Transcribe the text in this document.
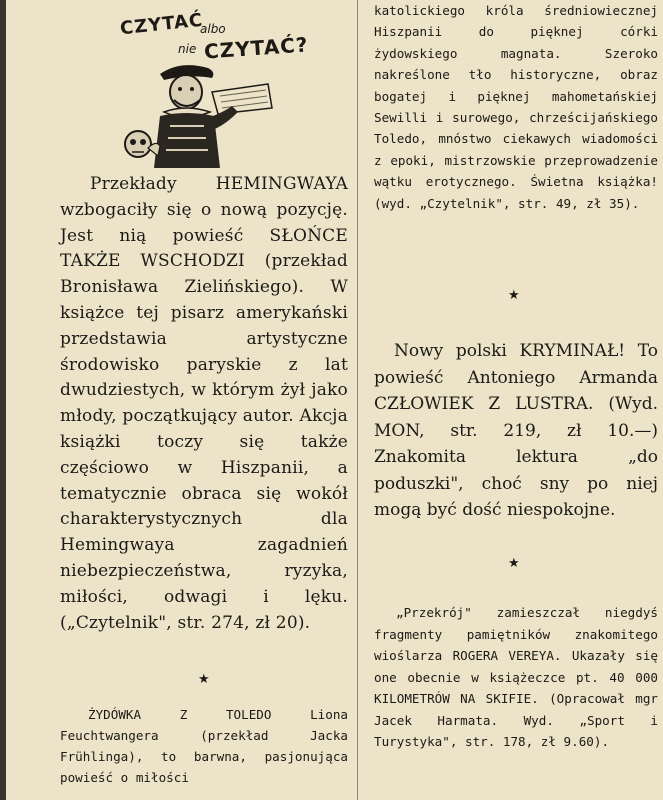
CZYTAĆ
albo
nie CZYTAĆ?
Przekłady HEMINGWAYA wzbogaciły się o nową pozycję. Jest nią powieść SŁOŃCE TAKŻE WSCHODZI (przekład Bronisława Zielińskiego). W książce tej pisarz amerykański przedstawia artystyczne środowisko paryskie z lat dwudziestych, w którym żył jako młody, początkujący autor. Akcja książki toczy się także częściowo w Hiszpanii, a tematycznie obraca się wokół charakterystycznych dla Hemingwaya zagadnień niebezpieczeństwa, ryzyka, miłości, odwagi i lęku. („Czytelnik", str. 274, zł 20).
★
ŻYDÓWKA Z TOLEDO Liona Feuchtwangera (przekład Jacka Frühlinga), to barwna, pasjonująca powieść o miłości
katolickiego króla średniowiecznej Hiszpanii do pięknej córki żydowskiego magnata. Szeroko nakreślone tło historyczne, obraz bogatej i pięknej mahometańskiej Sewilli i surowego, chrześcijańskiego Toledo, mnóstwo ciekawych wiadomości z epoki, mistrzowskie przeprowadzenie wątku erotycznego. Świetna książka! (wyd. „Czytelnik", str. 49, zł 35).
★
Nowy polski KRYMINAŁ! To powieść Antoniego Armanda CZŁOWIEK Z LUSTRA. (Wyd. MON, str. 219, zł 10.—) Znakomita lektura „do poduszki", choć sny po niej mogą być dość niespokojne.
★
„Przekrój" zamieszczał niegdyś fragmenty pamiętników znakomitego wioślarza ROGERA VEREYA. Ukazały się one obecnie w książeczce pt. 40 000 KILOMETRÓW NA SKIFIE. (Opracował mgr Jacek Harmata. Wyd. „Sport i Turystyka", str. 178, zł 9.60).
